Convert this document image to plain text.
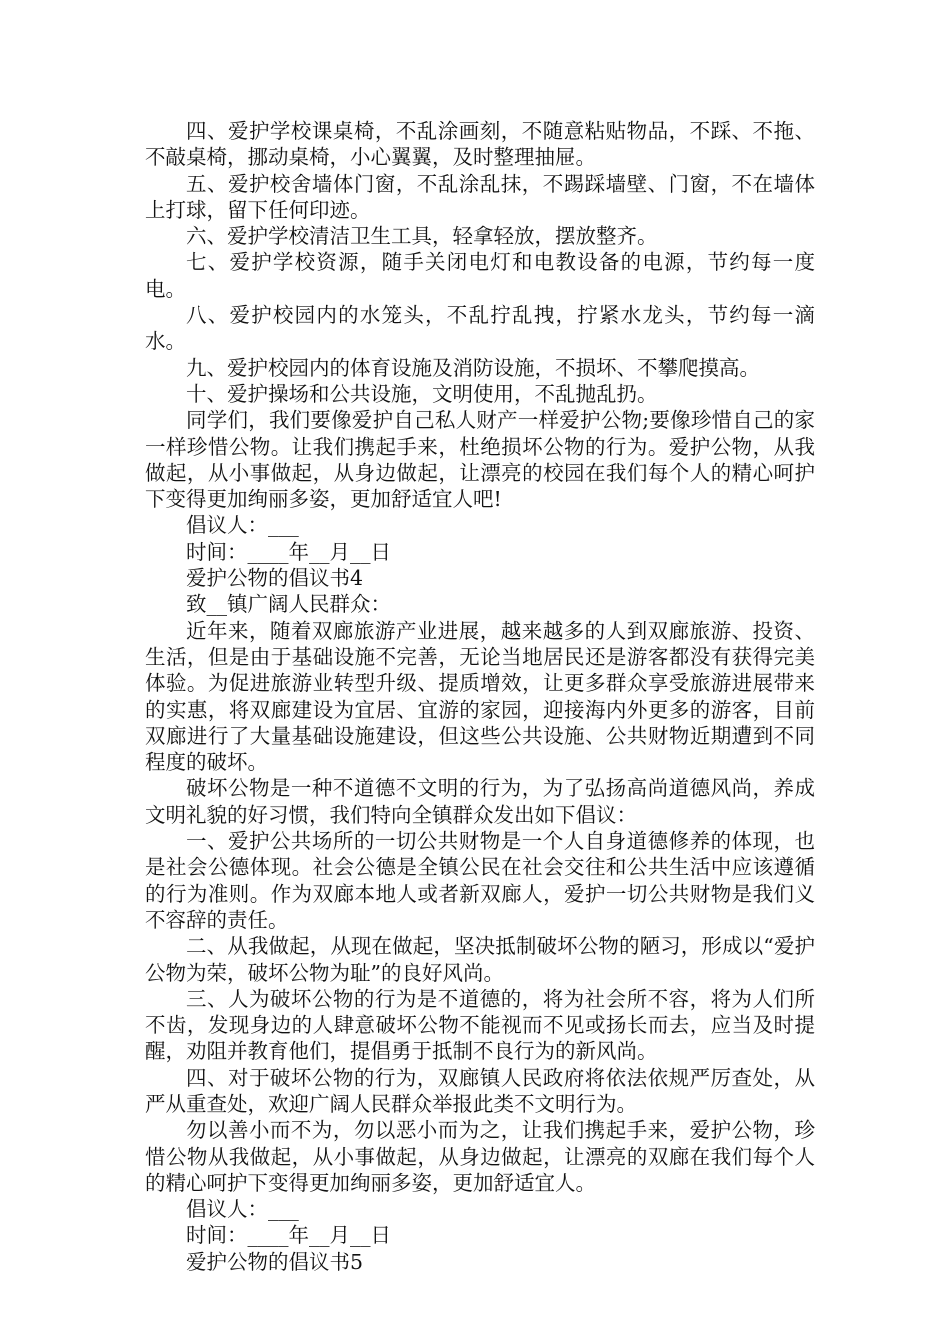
四、爱护学校课桌椅，不乱涂画刻，不随意粘贴物品，不踩、不拖、不敲桌椅，挪动桌椅，小心翼翼，及时整理抽屉。

五、爱护校舍墙体门窗，不乱涂乱抹，不踢踩墙壁、门窗，不在墙体上打球，留下任何印迹。

六、爱护学校清洁卫生工具，轻拿轻放，摆放整齐。

七、爱护学校资源，随手关闭电灯和电教设备的电源，节约每一度电。

八、爱护校园内的水笼头，不乱拧乱拽，拧紧水龙头，节约每一滴水。

九、爱护校园内的体育设施及消防设施，不损坏、不攀爬摸高。

十、爱护操场和公共设施，文明使用，不乱抛乱扔。

同学们，我们要像爱护自己私人财产一样爱护公物;要像珍惜自己的家一样珍惜公物。让我们携起手来，杜绝损坏公物的行为。爱护公物，从我做起，从小事做起，从身边做起，让漂亮的校园在我们每个人的精心呵护下变得更加绚丽多姿，更加舒适宜人吧!

倡议人：___

时间：____年__月__日

爱护公物的倡议书4

致__镇广阔人民群众：

近年来，随着双廊旅游产业进展，越来越多的人到双廊旅游、投资、生活，但是由于基础设施不完善，无论当地居民还是游客都没有获得完美体验。为促进旅游业转型升级、提质增效，让更多群众享受旅游进展带来的实惠，将双廊建设为宜居、宜游的家园，迎接海内外更多的游客，目前双廊进行了大量基础设施建设，但这些公共设施、公共财物近期遭到不同程度的破坏。

破坏公物是一种不道德不文明的行为，为了弘扬高尚道德风尚，养成文明礼貌的好习惯，我们特向全镇群众发出如下倡议：

一、爱护公共场所的一切公共财物是一个人自身道德修养的体现，也是社会公德体现。社会公德是全镇公民在社会交往和公共生活中应该遵循的行为准则。作为双廊本地人或者新双廊人，爱护一切公共财物是我们义不容辞的责任。

二、从我做起，从现在做起，坚决抵制破坏公物的陋习，形成以“爱护公物为荣，破坏公物为耻”的良好风尚。

三、人为破坏公物的行为是不道德的，将为社会所不容，将为人们所不齿，发现身边的人肆意破坏公物不能视而不见或扬长而去，应当及时提醒，劝阻并教育他们，提倡勇于抵制不良行为的新风尚。

四、对于破坏公物的行为，双廊镇人民政府将依法依规严厉查处，从严从重查处，欢迎广阔人民群众举报此类不文明行为。

勿以善小而不为，勿以恶小而为之，让我们携起手来，爱护公物，珍惜公物从我做起，从小事做起，从身边做起，让漂亮的双廊在我们每个人的精心呵护下变得更加绚丽多姿，更加舒适宜人。

倡议人：___

时间：____年__月__日

爱护公物的倡议书5
